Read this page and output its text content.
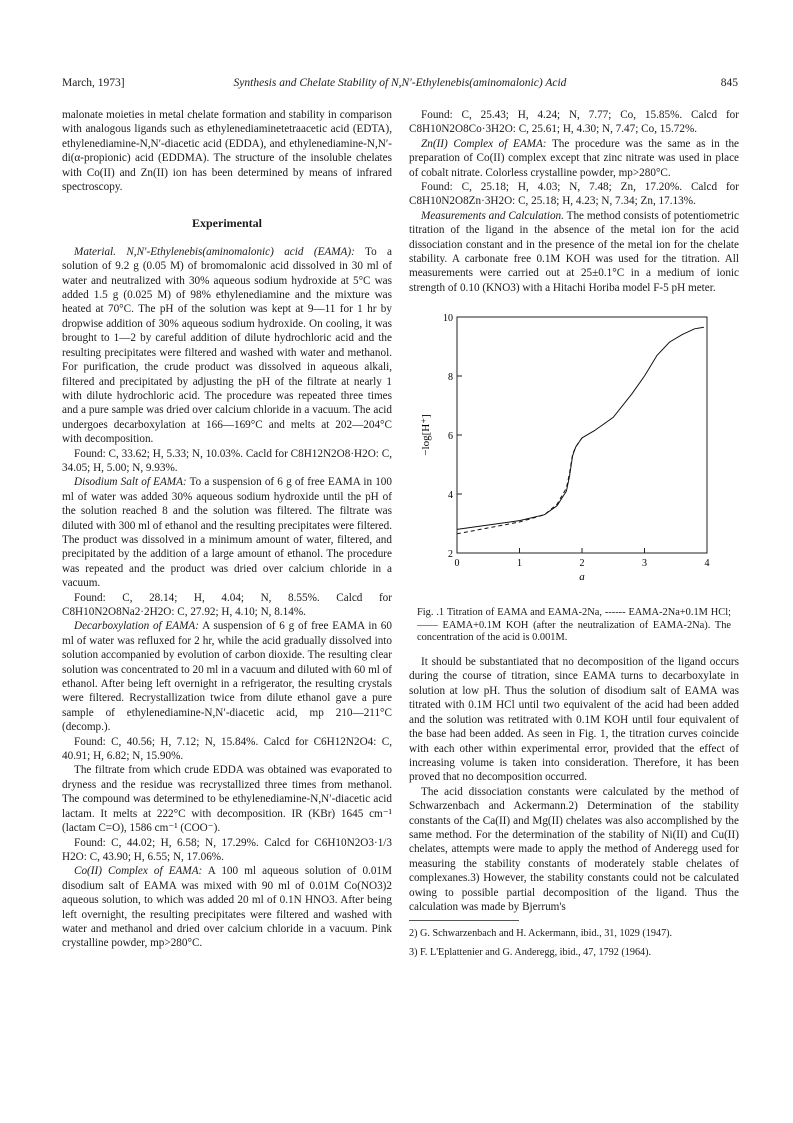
March, 1973]	Synthesis and Chelate Stability of N,N′-Ethylenebis(aminomalonic) Acid	845

malonate moieties in metal chelate formation and stability in comparison with analogous ligands such as ethylenediaminetetraacetic acid (EDTA), ethylenediamine-N,N′-diacetic acid (EDDA), and ethylenediamine-N,N′-di(α-propionic) acid (EDDMA). The structure of the insoluble chelates with Co(II) and Zn(II) ion has been determined by means of infrared spectroscopy.

Experimental

Material. N,N′-Ethylenebis(aminomalonic) acid (EAMA): To a solution of 9.2 g (0.05 M) of bromomalonic acid dissolved in 30 ml of water and neutralized with 30% aqueous sodium hydroxide at 5°C was added 1.5 g (0.025 M) of 98% ethylenediamine and the mixture was heated at 70°C. The pH of the solution was kept at 9—11 for 1 hr by dropwise addition of 30% aqueous sodium hydroxide. On cooling, it was brought to 1—2 by careful addition of dilute hydrochloric acid and the resulting precipitates were filtered and washed with water and methanol. For purification, the crude product was dissolved in aqueous alkali, filtered and precipitated by adjusting the pH of the filtrate at nearly 1 with dilute hydrochloric acid. The procedure was repeated three times and a pure sample was dried over calcium chloride in a vacuum. The acid undergoes decarboxylation at 166—169°C and melts at 202—204°C with decomposition.

Found: C, 33.62; H, 5.33; N, 10.03%. Cacld for C8H12N2O8·H2O: C, 34.05; H, 5.00; N, 9.93%.

Disodium Salt of EAMA: To a suspension of 6 g of free EAMA in 100 ml of water was added 30% aqueous sodium hydroxide until the pH of the solution reached 8 and the solution was filtered. The filtrate was diluted with 300 ml of ethanol and the resulting precipitates were filtered. The product was dissolved in a minimum amount of water, filtered, and precipitated by the addition of a large amount of ethanol. The procedure was repeated and the product was dried over calcium chloride in a vacuum.

Found: C, 28.14; H, 4.04; N, 8.55%. Calcd for C8H10N2O8Na2·2H2O: C, 27.92; H, 4.10; N, 8.14%.

Decarboxylation of EAMA: A suspension of 6 g of free EAMA in 60 ml of water was refluxed for 2 hr, while the acid gradually dissolved into solution accompanied by evolution of carbon dioxide. The resulting clear solution was concentrated to 20 ml in a vacuum and diluted with 60 ml of ethanol. After being left overnight in a refrigerator, the resulting crystals were filtered. Recrystallization twice from dilute ethanol gave a pure sample of ethylenediamine-N,N′-diacetic acid, mp 210—211°C (decomp.).

Found: C, 40.56; H, 7.12; N, 15.84%. Calcd for C6H12N2O4: C, 40.91; H, 6.82; N, 15.90%.

The filtrate from which crude EDDA was obtained was evaporated to dryness and the residue was recrystallized three times from methanol. The compound was determined to be ethylenediamine-N,N′-diacetic acid lactam. It melts at 222°C with decomposition. IR (KBr) 1645 cm⁻¹ (lactam C=O), 1586 cm⁻¹ (COO⁻).

Found: C, 44.02; H, 6.58; N, 17.29%. Calcd for C6H10N2O3·1/3 H2O: C, 43.90; H, 6.55; N, 17.06%.

Co(II) Complex of EAMA: A 100 ml aqueous solution of 0.01M disodium salt of EAMA was mixed with 90 ml of 0.01M Co(NO3)2 aqueous solution, to which was added 20 ml of 0.1N HNO3. After being left overnight, the resulting precipitates were filtered and washed with water and methanol and dried over calcium chloride in a vacuum. Pink crystalline powder, mp>280°C.

Found: C, 25.43; H, 4.24; N, 7.77; Co, 15.85%. Calcd for C8H10N2O8Co·3H2O: C, 25.61; H, 4.30; N, 7.47; Co, 15.72%.

Zn(II) Complex of EAMA: The procedure was the same as in the preparation of Co(II) complex except that zinc nitrate was used in place of cobalt nitrate. Colorless crystalline powder, mp>280°C.

Found: C, 25.18; H, 4.03; N, 7.48; Zn, 17.20%. Calcd for C8H10N2O8Zn·3H2O: C, 25.18; H, 4.23; N, 7.34; Zn, 17.13%.

Measurements and Calculation. The method consists of potentiometric titration of the ligand in the absence of the metal ion for the acid dissociation constant and in the presence of the metal ion for the chelate stability. A carbonate free 0.1M KOH was used for the titration. All measurements were carried out at 25±0.1°C in a medium of ionic strength of 0.10 (KNO3) with a Hitachi Horiba model F-5 pH meter.

0	1	2	3	4
2
4
6
8
10
a
−log[H⁺]

Fig. .1 Titration of EAMA and EAMA-2Na, ------ EAMA-2Na+0.1M HCl; —— EAMA+0.1M KOH (after the neutralization of EAMA-2Na). The concentration of the acid is 0.001M.

It should be substantiated that no decomposition of the ligand occurs during the course of titration, since EAMA turns to decarboxylate in solution at low pH. Thus the solution of disodium salt of EAMA was titrated with 0.1M HCl until two equivalent of the acid had been added and the solution was retitrated with 0.1M KOH until four equivalent of the base had been added. As seen in Fig. 1, the titration curves coincide with each other within experimental error, provided that the effect of increasing volume is taken into consideration. Therefore, it has been proved that no decomposition occurred.

The acid dissociation constants were calculated by the method of Schwarzenbach and Ackermann.2) Determination of the stability constants of the Ca(II) and Mg(II) chelates was also accomplished by the same method. For the determination of the stability of Ni(II) and Cu(II) chelates, attempts were made to apply the method of Anderegg used for measuring the stability constants of moderately stable chelates of complexanes.3) However, the stability constants could not be calculated owing to possible partial decomposition of the ligand. Thus the calculation was made by Bjerrum's

2) G. Schwarzenbach and H. Ackermann, ibid., 31, 1029 (1947).

3) F. L'Eplattenier and G. Anderegg, ibid., 47, 1792 (1964).
